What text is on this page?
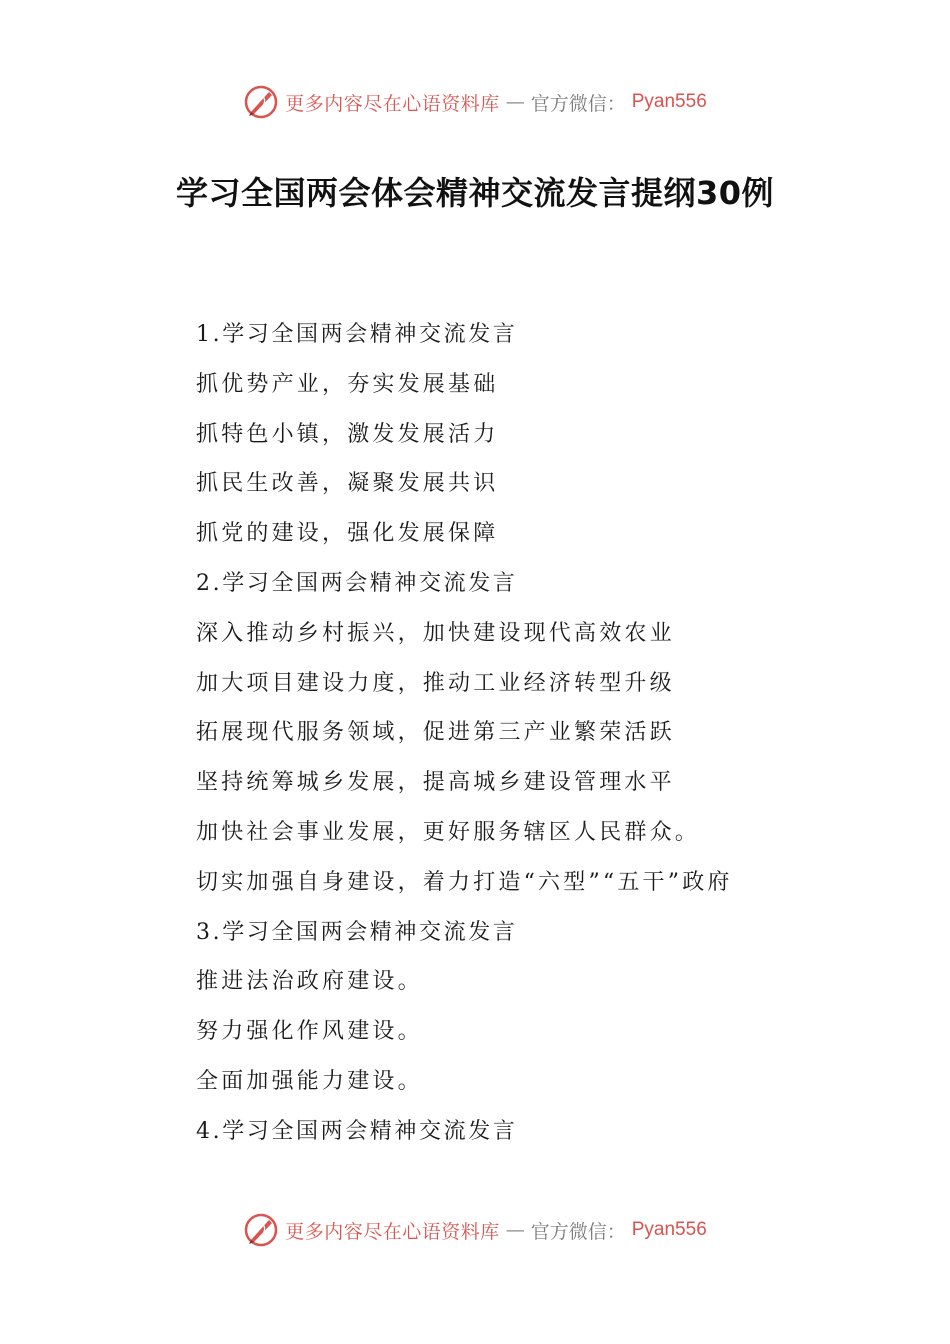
更多内容尽在心语资料库 — 官方微信： Pyan556
学习全国两会体会精神交流发言提纲30例
1.学习全国两会精神交流发言
抓优势产业，夯实发展基础
抓特色小镇，激发发展活力
抓民生改善，凝聚发展共识
抓党的建设，强化发展保障
2.学习全国两会精神交流发言
深入推动乡村振兴，加快建设现代高效农业
加大项目建设力度，推动工业经济转型升级
拓展现代服务领域，促进第三产业繁荣活跃
坚持统筹城乡发展，提高城乡建设管理水平
加快社会事业发展，更好服务辖区人民群众。
切实加强自身建设，着力打造“六型”“五干”政府
3.学习全国两会精神交流发言
推进法治政府建设。
努力强化作风建设。
全面加强能力建设。
4.学习全国两会精神交流发言
更多内容尽在心语资料库 — 官方微信： Pyan556
